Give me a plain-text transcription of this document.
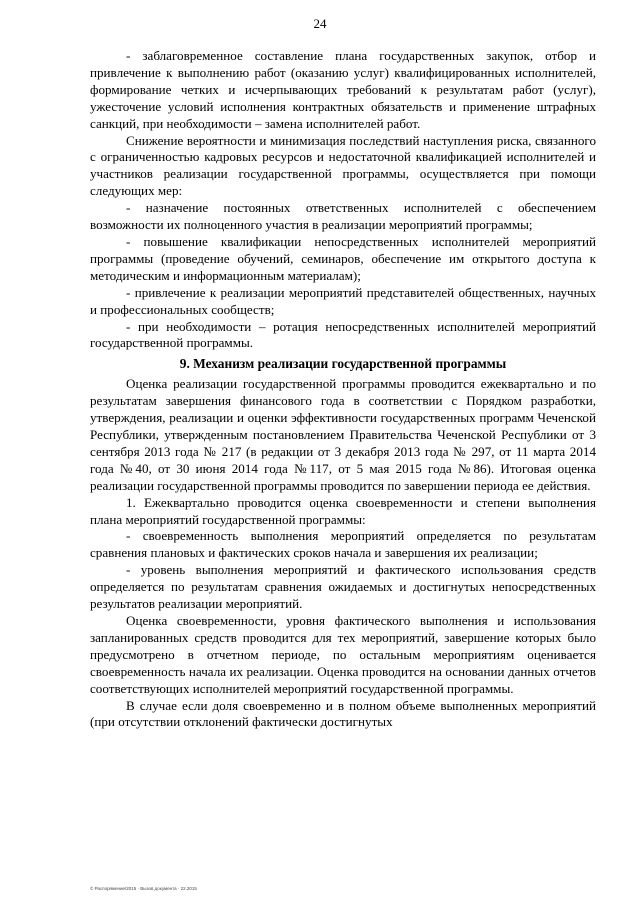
24

- заблаговременное составление плана государственных закупок, отбор и привлечение к выполнению работ (оказанию услуг) квалифицированных исполнителей, формирование четких и исчерпывающих требований к результатам работ (услуг), ужесточение условий исполнения контрактных обязательств и применение штрафных санкций, при необходимости – замена исполнителей работ.

Снижение вероятности и минимизация последствий наступления риска, связанного с ограниченностью кадровых ресурсов и недостаточной квалификацией исполнителей и участников реализации государственной программы, осуществляется при помощи следующих мер:

- назначение постоянных ответственных исполнителей с обеспечением возможности их полноценного участия в реализации мероприятий программы;

- повышение квалификации непосредственных исполнителей мероприятий программы (проведение обучений, семинаров, обеспечение им открытого доступа к методическим и информационным материалам);

- привлечение к реализации мероприятий представителей общественных, научных и профессиональных сообществ;

- при необходимости – ротация непосредственных исполнителей мероприятий государственной программы.

9. Механизм реализации государственной программы

Оценка реализации государственной программы проводится ежеквартально и по результатам завершения финансового года в соответствии с Порядком разработки, утверждения, реализации и оценки эффективности государственных программ Чеченской Республики, утвержденным постановлением Правительства Чеченской Республики от 3 сентября 2013 года № 217 (в редакции от 3 декабря 2013 года № 297, от 11 марта 2014 года №40, от 30 июня 2014 года №117, от 5 мая 2015 года №86). Итоговая оценка реализации государственной программы проводится по завершении периода ее действия.

1. Ежеквартально проводится оценка своевременности и степени выполнения плана мероприятий государственной программы:

- своевременность выполнения мероприятий определяется по результатам сравнения плановых и фактических сроков начала и завершения их реализации;

- уровень выполнения мероприятий и фактического использования средств определяется по результатам сравнения ожидаемых и достигнутых непосредственных результатов реализации мероприятий.

Оценка своевременности, уровня фактического выполнения и использования запланированных средств проводится для тех мероприятий, завершение которых было предусмотрено в отчетном периоде, по остальным мероприятиям оценивается своевременность начала их реализации. Оценка проводится на основании данных отчетов соответствующих исполнителей мероприятий государственной программы.

В случае если доля своевременно и в полном объеме выполненных мероприятий (при отсутствии отклонений фактически достигнутых

© Распоряжение/2015 · Вызов документа · 22.2015
